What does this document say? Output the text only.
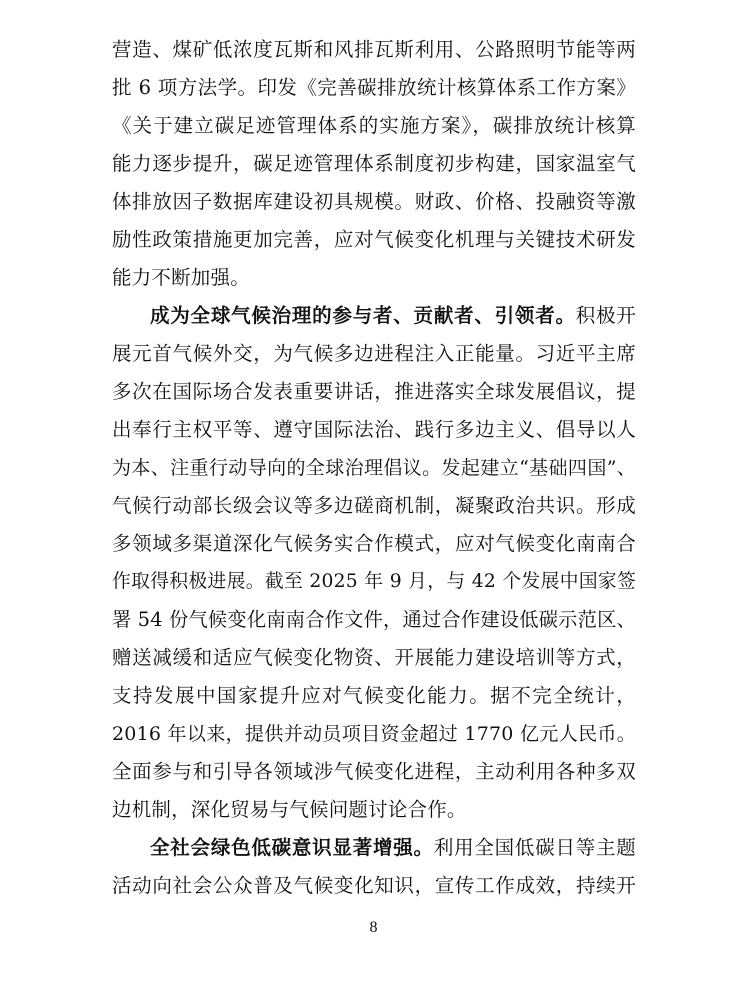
营造、煤矿低浓度瓦斯和风排瓦斯利用、公路照明节能等两
批 6 项方法学。印发《完善碳排放统计核算体系工作方案》
《关于建立碳足迹管理体系的实施方案》，碳排放统计核算
能力逐步提升，碳足迹管理体系制度初步构建，国家温室气
体排放因子数据库建设初具规模。财政、价格、投融资等激
励性政策措施更加完善，应对气候变化机理与关键技术研发
能力不断加强。
成为全球气候治理的参与者、贡献者、引领者。积极开
展元首气候外交，为气候多边进程注入正能量。习近平主席
多次在国际场合发表重要讲话，推进落实全球发展倡议，提
出奉行主权平等、遵守国际法治、践行多边主义、倡导以人
为本、注重行动导向的全球治理倡议。发起建立“基础四国”、
气候行动部长级会议等多边磋商机制，凝聚政治共识。形成
多领域多渠道深化气候务实合作模式，应对气候变化南南合
作取得积极进展。截至 2025 年 9 月，与 42 个发展中国家签
署 54 份气候变化南南合作文件，通过合作建设低碳示范区、
赠送减缓和适应气候变化物资、开展能力建设培训等方式，
支持发展中国家提升应对气候变化能力。据不完全统计，
2016 年以来，提供并动员项目资金超过 1770 亿元人民币。
全面参与和引导各领域涉气候变化进程，主动利用各种多双
边机制，深化贸易与气候问题讨论合作。
全社会绿色低碳意识显著增强。利用全国低碳日等主题
活动向社会公众普及气候变化知识，宣传工作成效，持续开
8
